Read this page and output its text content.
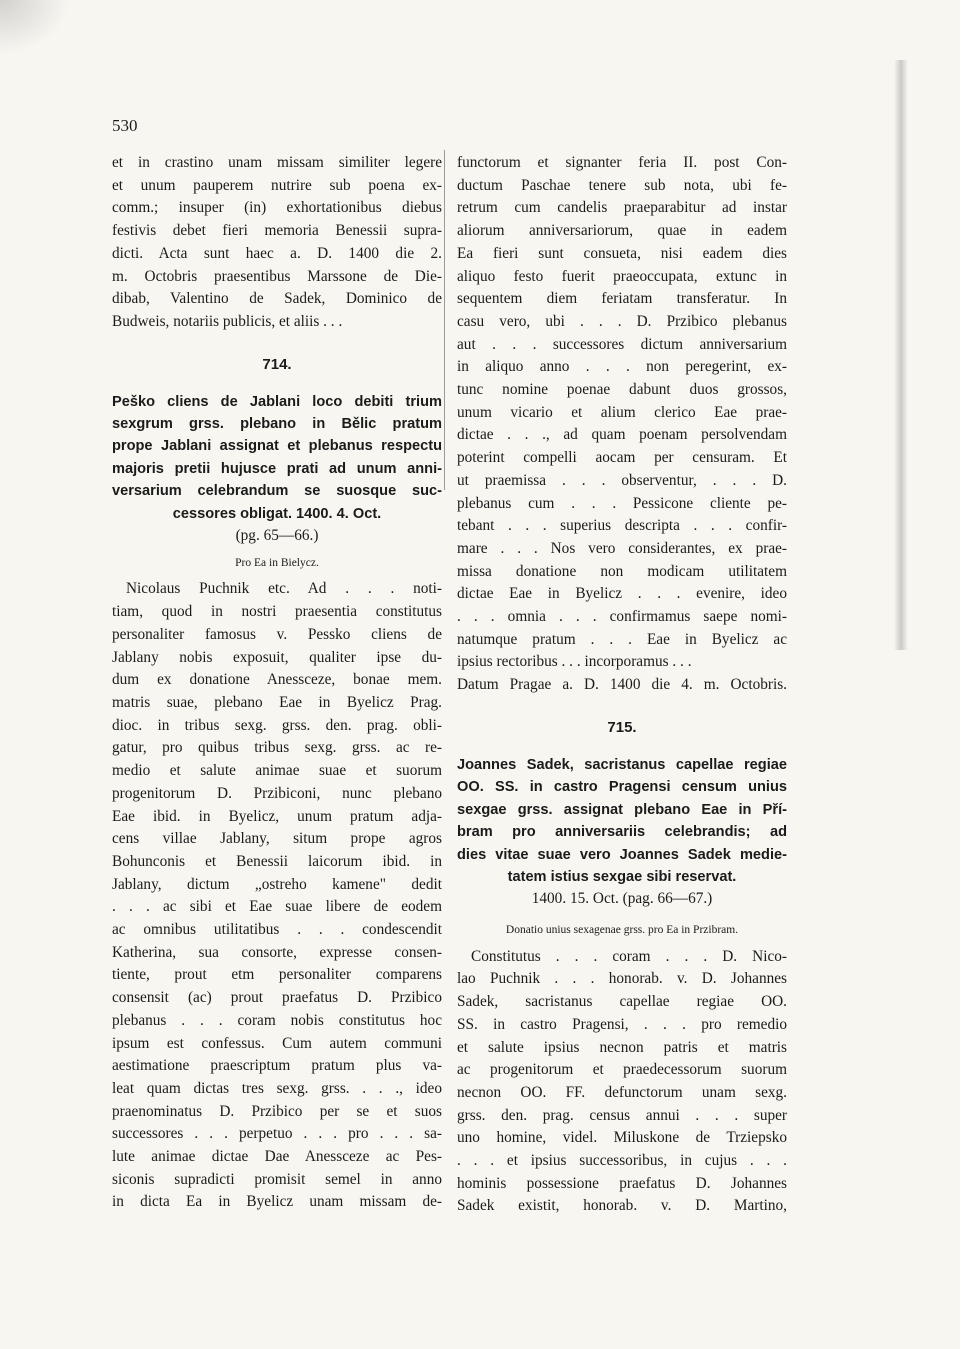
530
et in crastino unam missam similiter legere
et unum pauperem nutrire sub poena ex-
comm.; insuper (in) exhortationibus diebus
festivis debet fieri memoria Benessii supra-
dicti. Acta sunt haec a. D. 1400 die 2.
m. Octobris praesentibus Marssone de Die-
dibab, Valentino de Sadek, Dominico de
Budweis, notariis publicis, et aliis . . .
714.
Peško cliens de Jablani loco debiti trium
sexgrum grss. plebano in Bělic pratum
prope Jablani assignat et plebanus respectu
majoris pretii hujusce prati ad unum anni-
versarium celebrandum se suosque suc-
cessores obligat. 1400. 4. Oct.
(pg. 65—66.)
Pro Ea in Bielycz.
Nicolaus Puchnik etc. Ad . . . noti-
tiam, quod in nostri praesentia constitutus
personaliter famosus v. Pessko cliens de
Jablany nobis exposuit, qualiter ipse du-
dum ex donatione Anessceze, bonae mem.
matris suae, plebano Eae in Byelicz Prag.
dioc. in tribus sexg. grss. den. prag. obli-
gatur, pro quibus tribus sexg. grss. ac re-
medio et salute animae suae et suorum
progenitorum D. Przibiconi, nunc plebano
Eae ibid. in Byelicz, unum pratum adja-
cens villae Jablany, situm prope agros
Bohunconis et Benessii laicorum ibid. in
Jablany, dictum „ostreho kamene" dedit
. . . ac sibi et Eae suae libere de eodem
ac omnibus utilitatibus . . . condescendit
Katherina, sua consorte, expresse consen-
tiente, prout etm personaliter comparens
consensit (ac) prout praefatus D. Przibico
plebanus . . . coram nobis constitutus hoc
ipsum est confessus. Cum autem communi
aestimatione praescriptum pratum plus va-
leat quam dictas tres sexg. grss. . . ., ideo
praenominatus D. Przibico per se et suos
successores . . . perpetuo . . . pro . . . sa-
lute animae dictae Dae Anessceze ac Pes-
siconis supradicti promisit semel in anno
in dicta Ea in Byelicz unam missam de-
functorum et signanter feria II. post Con-
ductum Paschae tenere sub nota, ubi fe-
retrum cum candelis praeparabitur ad instar
aliorum anniversariorum, quae in eadem
Ea fieri sunt consueta, nisi eadem dies
aliquo festo fuerit praeoccupata, extunc in
sequentem diem feriatam transferatur. In
casu vero, ubi . . . D. Przibico plebanus
aut . . . successores dictum anniversarium
in aliquo anno . . . non peregerint, ex-
tunc nomine poenae dabunt duos grossos,
unum vicario et alium clerico Eae prae-
dictae . . ., ad quam poenam persolvendam
poterint compelli aocam per censuram. Et
ut praemissa . . . observentur, . . . D.
plebanus cum . . . Pessicone cliente pe-
tebant . . . superius descripta . . . confir-
mare . . . Nos vero considerantes, ex prae-
missa donatione non modicam utilitatem
dictae Eae in Byelicz . . . evenire, ideo
. . . omnia . . . confirmamus saepe nomi-
natumque pratum . . . Eae in Byelicz ac
ipsius rectoribus . . . incorporamus . . .
Datum Pragae a. D. 1400 die 4. m. Octobris.
715.
Joannes Sadek, sacristanus capellae regiae
OO. SS. in castro Pragensi censum unius
sexgae grss. assignat plebano Eae in Pří-
bram pro anniversariis celebrandis; ad
dies vitae suae vero Joannes Sadek medie-
tatem istius sexgae sibi reservat.
1400. 15. Oct. (pag. 66—67.)
Donatio unius sexagenae grss. pro Ea in Przibram.
Constitutus . . . coram . . . D. Nico-
lao Puchnik . . . honorab. v. D. Johannes
Sadek, sacristanus capellae regiae OO.
SS. in castro Pragensi, . . . pro remedio
et salute ipsius necnon patris et matris
ac progenitorum et praedecessorum suorum
necnon OO. FF. defunctorum unam sexg.
grss. den. prag. census annui . . . super
uno homine, videl. Miluskone de Trziepsko
. . . et ipsius successoribus, in cujus . . .
hominis possessione praefatus D. Johannes
Sadek existit, honorab. v. D. Martino,
